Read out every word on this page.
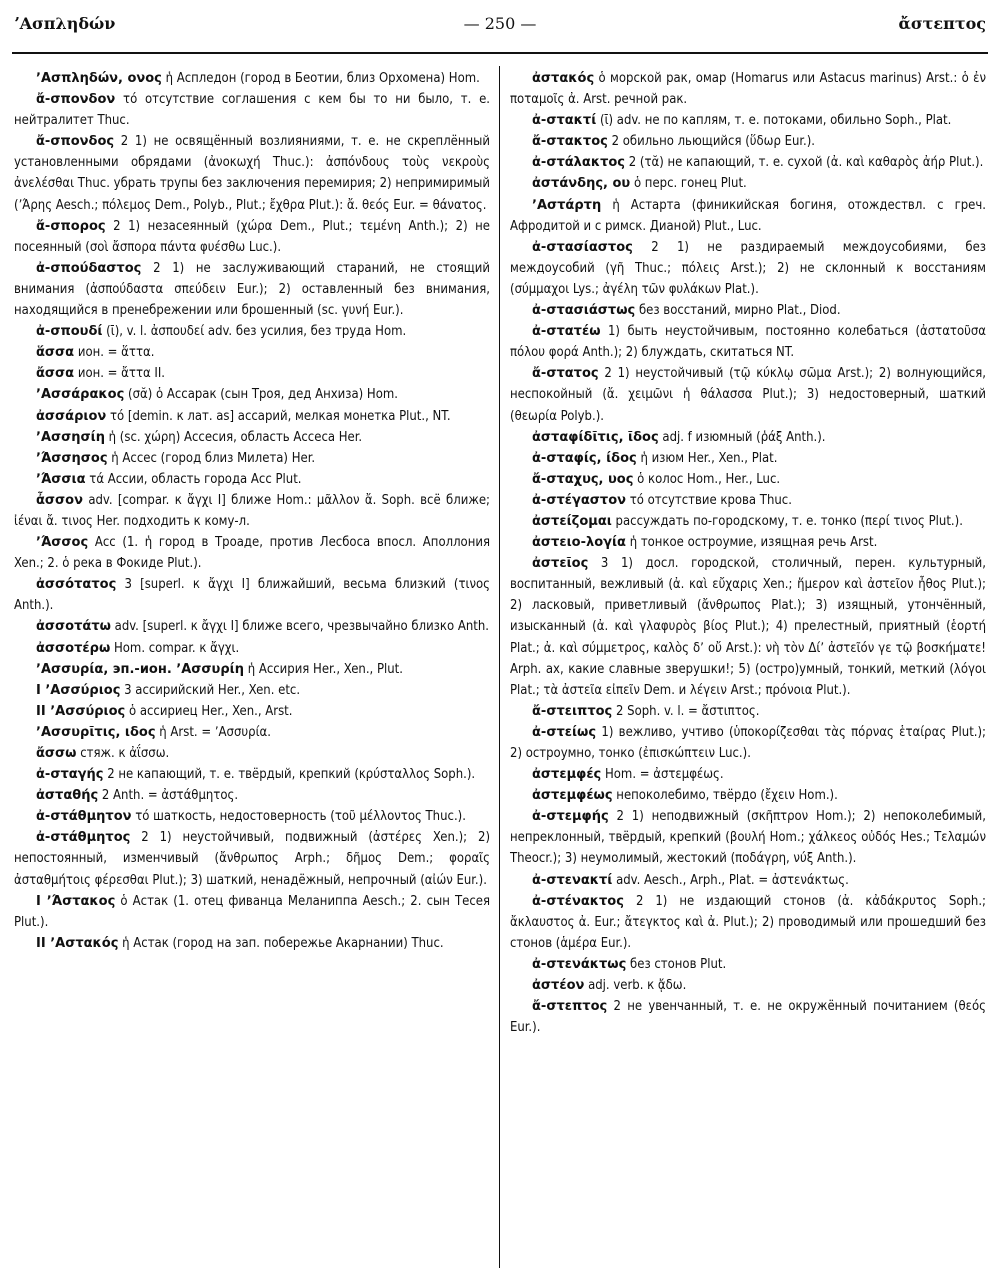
ʼΑσπληδών	— 250 —	ἄστεπτος

ʼΑσπληδών, ονος ἡ Аспледон (город в Беотии, близ Орхомена) Hom.

ἄ-σπονδον τό отсутствие соглашения с кем бы то ни было, т. е. нейтралитет Thuc.

ἄ-σπονδος 2 1) не освящённый возлияниями, т. е. не скреплённый установленными обрядами (ἀνοκωχή Thuc.): ἀσπόνδους τοὺς νεκροὺς ἀνελέσθαι Thuc. убрать трупы без заключения перемирия; 2) непримиримый (ʼΆρης Aesch.; πόλεμος Dem., Polyb., Plut.; ἔχθρα Plut.): ἄ. θεός Eur. = θάνατος.

ἄ-σπορος 2 1) незасеянный (χώρα Dem., Plut.; τεμένη Anth.); 2) не посеянный (σοὶ ἄσπορα πάντα φυέσθω Luc.).

ἀ-σπούδαστος 2 1) не заслуживающий стараний, не стоящий внимания (ἀσπούδαστα σπεύδειν Eur.); 2) оставленный без внимания, находящийся в пренебрежении или брошенный (sc. γυνή Eur.).

ἀ-σπουδί (ῑ), v. l. ἀσπουδεί adv. без усилия, без труда Hom.

ἅσσα ион. = ἅττα.

ἄσσα ион. = ἄττα II.

ʼΑσσάρακος (σᾰ) ὁ Ассарак (сын Троя, дед Анхиза) Hom.

ἀσσάριον τό [demin. к лат. as] ассарий, мелкая монетка Plut., NT.

ʼΑσσησίη ἡ (sc. χώρη) Ассесия, область Ассеса Her.

ʼΆσσησος ἡ Ассес (город близ Милета) Her.

ʼΆσσια τά Ассии, область города Асс Plut.

ἆσσον adv. [compar. к ἄγχι I] ближе Hom.: μᾶλλον ἄ. Soph. всё ближе; ἰέναι ἄ. τινος Her. подходить к кому-л.

ʼΆσσος Асс (1. ἡ город в Троаде, против Лесбоса впосл. Аполлония Xen.; 2. ὁ река в Фокиде Plut.).

ἀσσότατος 3 [superl. к ἄγχι I] ближайший, весьма близкий (τινος Anth.).

ἀσσοτάτω adv. [superl. к ἄγχι I] ближе всего, чрезвычайно близко Anth.

ἀσσοτέρω Hom. compar. к ἄγχι.

ʼΑσσυρία, эп.-ион. ʼΑσσυρίη ἡ Ассирия Her., Xen., Plut.

I ʼΑσσύριος 3 ассирийский Her., Xen. etc.

II ʼΑσσύριος ὁ ассириец Her., Xen., Arst.

ʼΑσσυρῖτις, ιδος ἡ Arst. = ʼΑσσυρία.

ἄσσω стяж. к ἀΐσσω.

ἀ-σταγής 2 не капающий, т. е. твёрдый, крепкий (κρύσταλλος Soph.).

ἀσταθής 2 Anth. = ἀστάθμητος.

ἀ-στάθμητον τό шаткость, недостоверность (τοῦ μέλλοντος Thuc.).

ἀ-στάθμητος 2 1) неустойчивый, подвижный (ἀστέρες Xen.); 2) непостоянный, изменчивый (ἄνθρωπος Arph.; δῆμος Dem.; φοραῖς ἀσταθμήτοις φέρεσθαι Plut.); 3) шаткий, ненадёжный, непрочный (αἰών Eur.).

I ʼΆστακος ὁ Астак (1. отец фиванца Меланиппа Aesch.; 2. сын Тесея Plut.).

II ʼΑστακός ἡ Астак (город на зап. побережье Акарнании) Thuc.

ἀστακός ὁ морской рак, омар (Homarus или Astacus marinus) Arst.: ὁ ἐν ποταμοῖς ἀ. Arst. речной рак.

ἀ-στακτί (ῑ) adv. не по каплям, т. е. потоками, обильно Soph., Plat.

ἄ-στακτος 2 обильно льющийся (ὕδωρ Eur.).

ἀ-στάλακτος 2 (τᾰ) не капающий, т. е. сухой (ἀ. καὶ καθαρὸς ἀήρ Plut.).

ἀστάνδης, ου ὁ перс. гонец Plut.

ʼΑστάρτη ἡ Астарта (финикийская богиня, отождествл. с греч. Афродитой и с римск. Дианой) Plut., Luc.

ἀ-στασίαστος 2 1) не раздираемый междоусобиями, без междоусобий (γῆ Thuc.; πόλεις Arst.); 2) не склонный к восстаниям (σύμμαχοι Lys.; ἀγέλη τῶν φυλάκων Plat.).

ἀ-στασιάστως без восстаний, мирно Plat., Diod.

ἀ-στατέω 1) быть неустойчивым, постоянно колебаться (ἀστατοῦσα πόλου φορά Anth.); 2) блуждать, скитаться NT.

ἄ-στατος 2 1) неустойчивый (τῷ κύκλῳ σῶμα Arst.); 2) волнующийся, неспокойный (ἄ. χειμῶνι ἡ θάλασσα Plut.); 3) недостоверный, шаткий (θεωρία Polyb.).

ἀσταφίδῖτις, ῖδος adj. f изюмный (ῥάξ Anth.).

ἀ-σταφίς, ίδος ἡ изюм Her., Xen., Plat.

ἄ-σταχυς, υος ὁ колос Hom., Her., Luc.

ἀ-στέγαστον τό отсутствие крова Thuc.

ἀστείζομαι рассуждать по-городскому, т. е. тонко (περί τινος Plut.).

ἀστειο-λογία ἡ тонкое остроумие, изящная речь Arst.

ἀστεῖος 3 1) досл. городской, столичный, перен. культурный, воспитанный, вежливый (ἀ. καὶ εὔχαρις Xen.; ἥμερον καὶ ἀστεῖον ἦθος Plut.); 2) ласковый, приветливый (ἄνθρωπος Plat.); 3) изящный, утончённый, изысканный (ἀ. καὶ γλαφυρὸς βίος Plut.); 4) прелестный, приятный (ἑορτή Plat.; ἀ. καὶ σύμμετρος, καλὸς δʼ οὔ Arst.): νὴ τὸν Δίʼ ἀστεῖόν γε τῷ βοσκήματε! Arph. ах, какие славные зверушки!; 5) (остро)умный, тонкий, меткий (λόγοι Plat.; τὰ ἀστεῖα εἰπεῖν Dem. и λέγειν Arst.; πρόνοια Plut.).

ἄ-στειπτος 2 Soph. v. l. = ἄστιπτος.

ἀ-στείως 1) вежливо, учтиво (ὑποκορίζεσθαι τὰς πόρνας ἑταίρας Plut.); 2) остроумно, тонко (ἐπισκώπτειν Luc.).

ἀστεμφές Hom. = ἀστεμφέως.

ἀστεμφέως непоколебимо, твёрдо (ἔχειν Hom.).

ἀ-στεμφής 2 1) неподвижный (σκῆπτρον Hom.); 2) непоколебимый, непреклонный, твёрдый, крепкий (βουλή Hom.; χάλκεος οὐδός Hes.; Τελαμών Theocr.); 3) неумолимый, жестокий (ποδάγρη, νύξ Anth.).

ἀ-στενακτί adv. Aesch., Arph., Plat. = ἀστενάκτως.

ἀ-στένακτος 2 1) не издающий стонов (ἀ. κἀδάκρυτος Soph.; ἄκλαυστος ἀ. Eur.; ἄτεγκτος καὶ ἀ. Plut.); 2) проводимый или прошедший без стонов (ἁμέρα Eur.).

ἀ-στενάκτως без стонов Plut.

ἀστέον adj. verb. к ᾄδω.

ἄ-στεπτος 2 не увенчанный, т. е. не окружённый почитанием (θεός Eur.).
